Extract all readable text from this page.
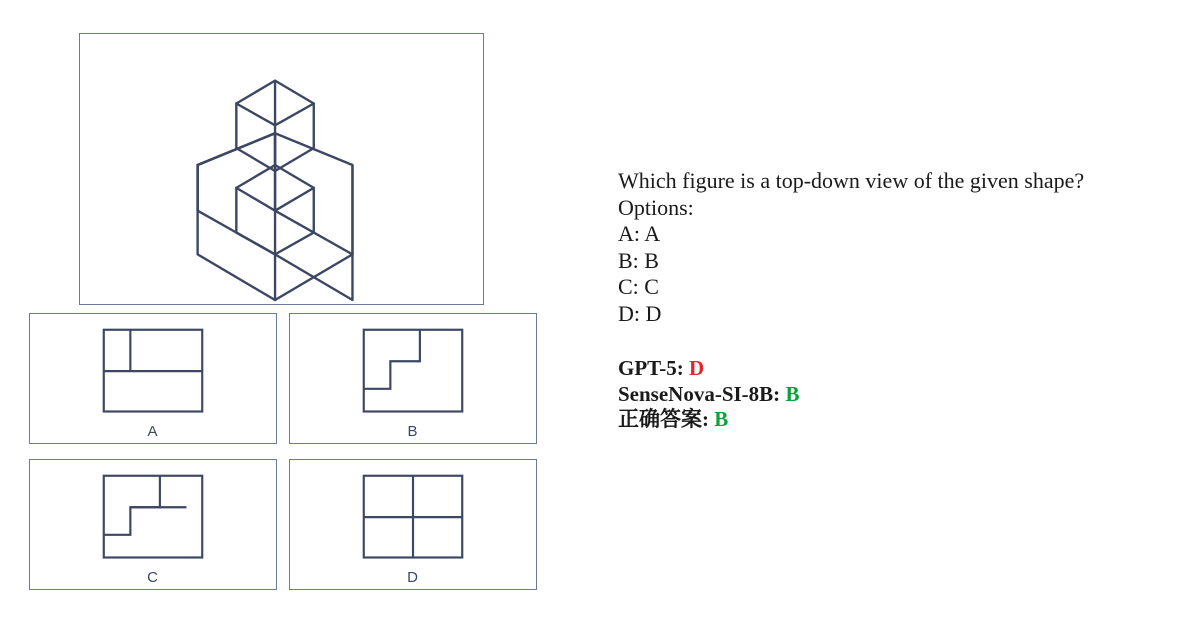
A	B
C	D
Which figure is a top-down view of the given shape?
Options:
A: A
B: B
C: C
D: D
GPT-5: D
SenseNova-SI-8B: B
正确答案: B
